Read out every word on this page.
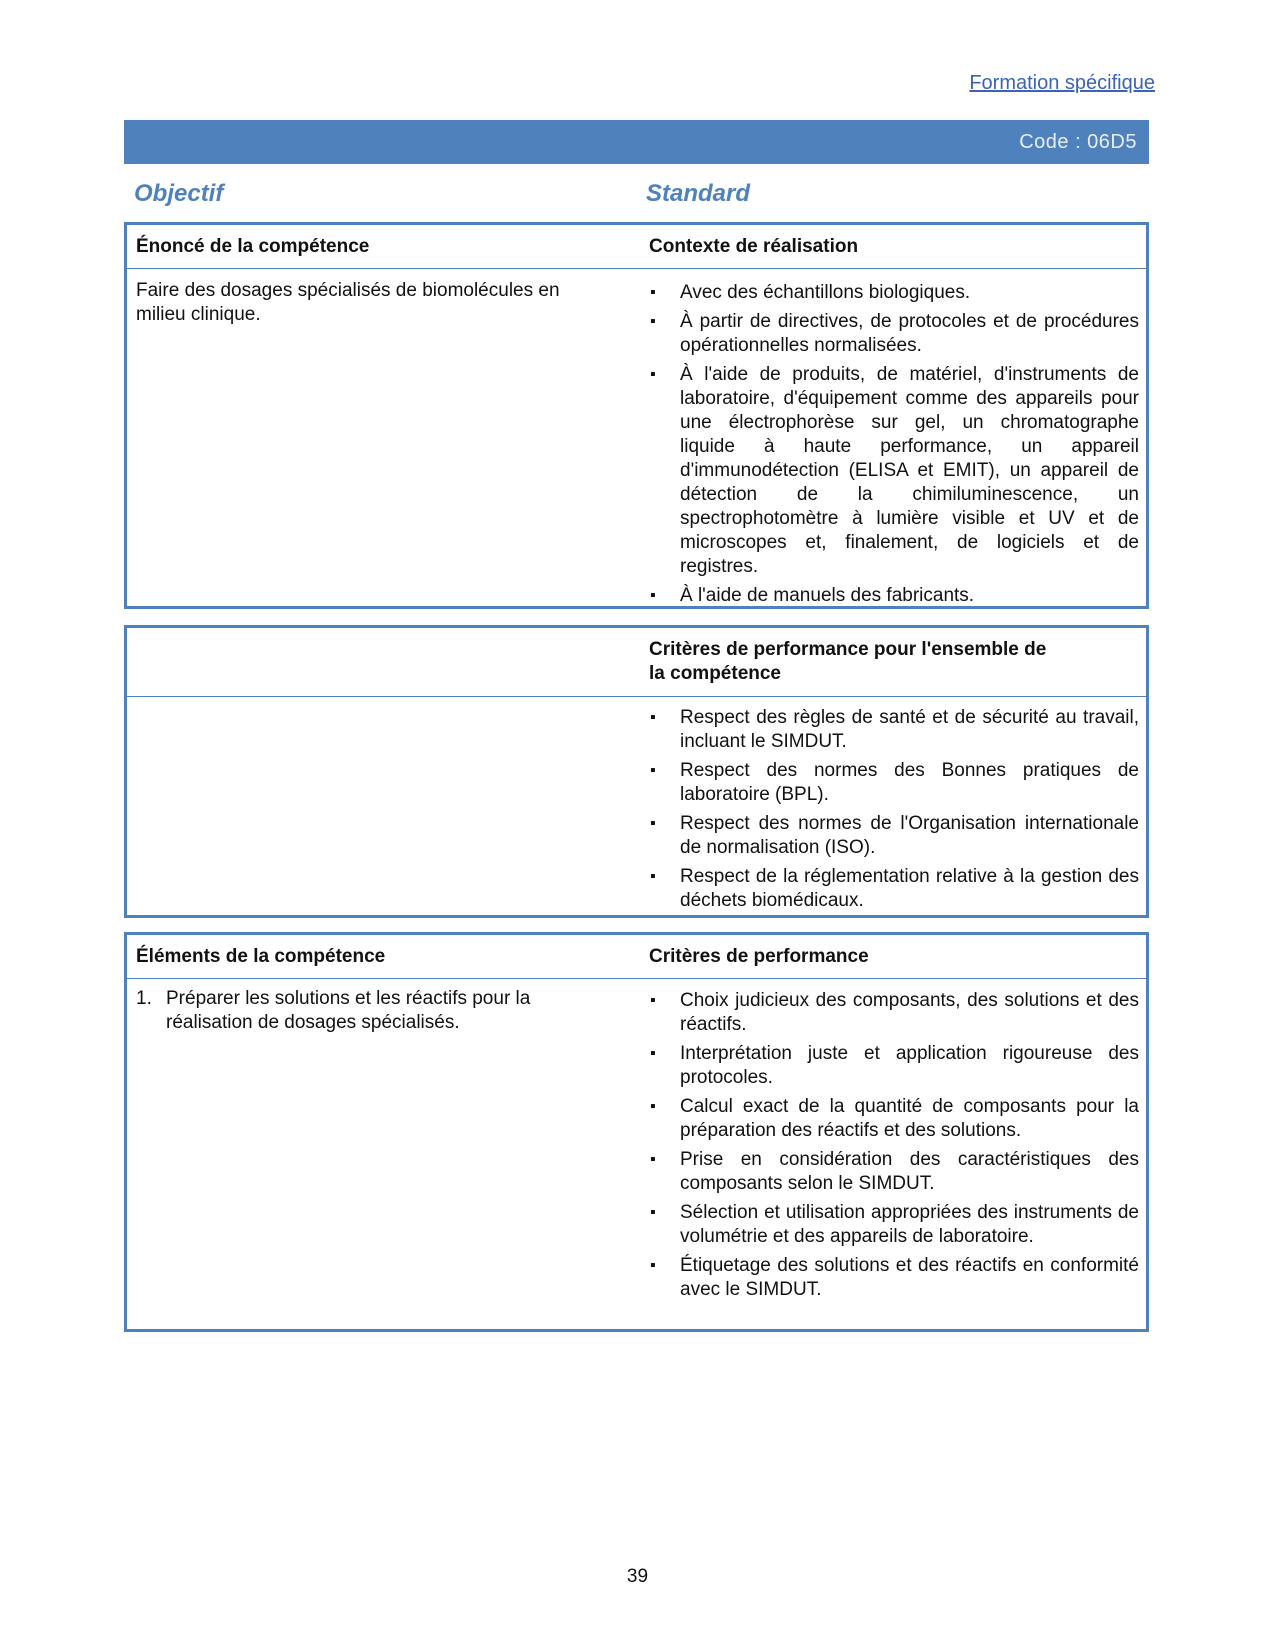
Formation spécifique
Code : 06D5
Objectif	Standard
Énoncé de la compétence	Contexte de réalisation
Faire des dosages spécialisés de biomolécules en milieu clinique.
▪ Avec des échantillons biologiques.
▪ À partir de directives, de protocoles et de procédures opérationnelles normalisées.
▪ À l'aide de produits, de matériel, d'instruments de laboratoire, d'équipement comme des appareils pour une électrophorèse sur gel, un chromatographe liquide à haute performance, un appareil d'immunodétection (ELISA et EMIT), un appareil de détection de la chimiluminescence, un spectrophotomètre à lumière visible et UV et de microscopes et, finalement, de logiciels et de registres.
▪ À l'aide de manuels des fabricants.
Critères de performance pour l'ensemble de la compétence
▪ Respect des règles de santé et de sécurité au travail, incluant le SIMDUT.
▪ Respect des normes des Bonnes pratiques de laboratoire (BPL).
▪ Respect des normes de l'Organisation internationale de normalisation (ISO).
▪ Respect de la réglementation relative à la gestion des déchets biomédicaux.
Éléments de la compétence	Critères de performance
1. Préparer les solutions et les réactifs pour la réalisation de dosages spécialisés.
▪ Choix judicieux des composants, des solutions et des réactifs.
▪ Interprétation juste et application rigoureuse des protocoles.
▪ Calcul exact de la quantité de composants pour la préparation des réactifs et des solutions.
▪ Prise en considération des caractéristiques des composants selon le SIMDUT.
▪ Sélection et utilisation appropriées des instruments de volumétrie et des appareils de laboratoire.
▪ Étiquetage des solutions et des réactifs en conformité avec le SIMDUT.
39
